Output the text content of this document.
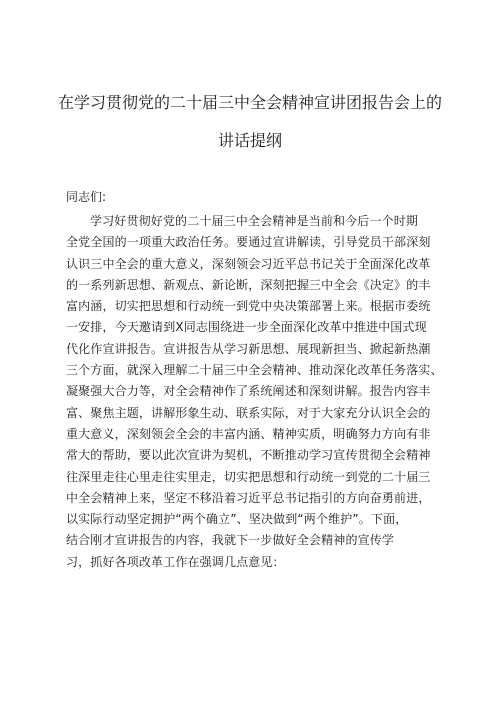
在学习贯彻党的二十届三中全会精神宣讲团报告会上的
讲话提纲

同志们:

学习好贯彻好党的二十届三中全会精神是当前和今后一个时期
全党全国的一项重大政治任务。要通过宣讲解读，引导党员干部深刻
认识三中全会的重大意义，深刻领会习近平总书记关于全面深化改革
的一系列新思想、新观点、新论断，深刻把握三中全会《决定》的丰
富内涵，切实把思想和行动统一到党中央决策部署上来。根据市委统
一安排，今天邀请到X同志围绕进一步全面深化改革中推进中国式现
代化作宣讲报告。宣讲报告从学习新思想、展现新担当、掀起新热潮
三个方面，就深入理解二十届三中全会精神、推动深化改革任务落实、
凝聚强大合力等，对全会精神作了系统阐述和深刻讲解。报告内容丰
富、聚焦主题，讲解形象生动、联系实际，对于大家充分认识全会的
重大意义，深刻领会全会的丰富内涵、精神实质，明确努力方向有非
常大的帮助，要以此次宣讲为契机，不断推动学习宣传贯彻全会精神
往深里走往心里走往实里走，切实把思想和行动统一到党的二十届三
中全会精神上来，坚定不移沿着习近平总书记指引的方向奋勇前进，
以实际行动坚定拥护“两个确立”、坚决做到“两个维护”。下面，
结合刚才宣讲报告的内容，我就下一步做好全会精神的宣传学
习，抓好各项改革工作在强调几点意见：
